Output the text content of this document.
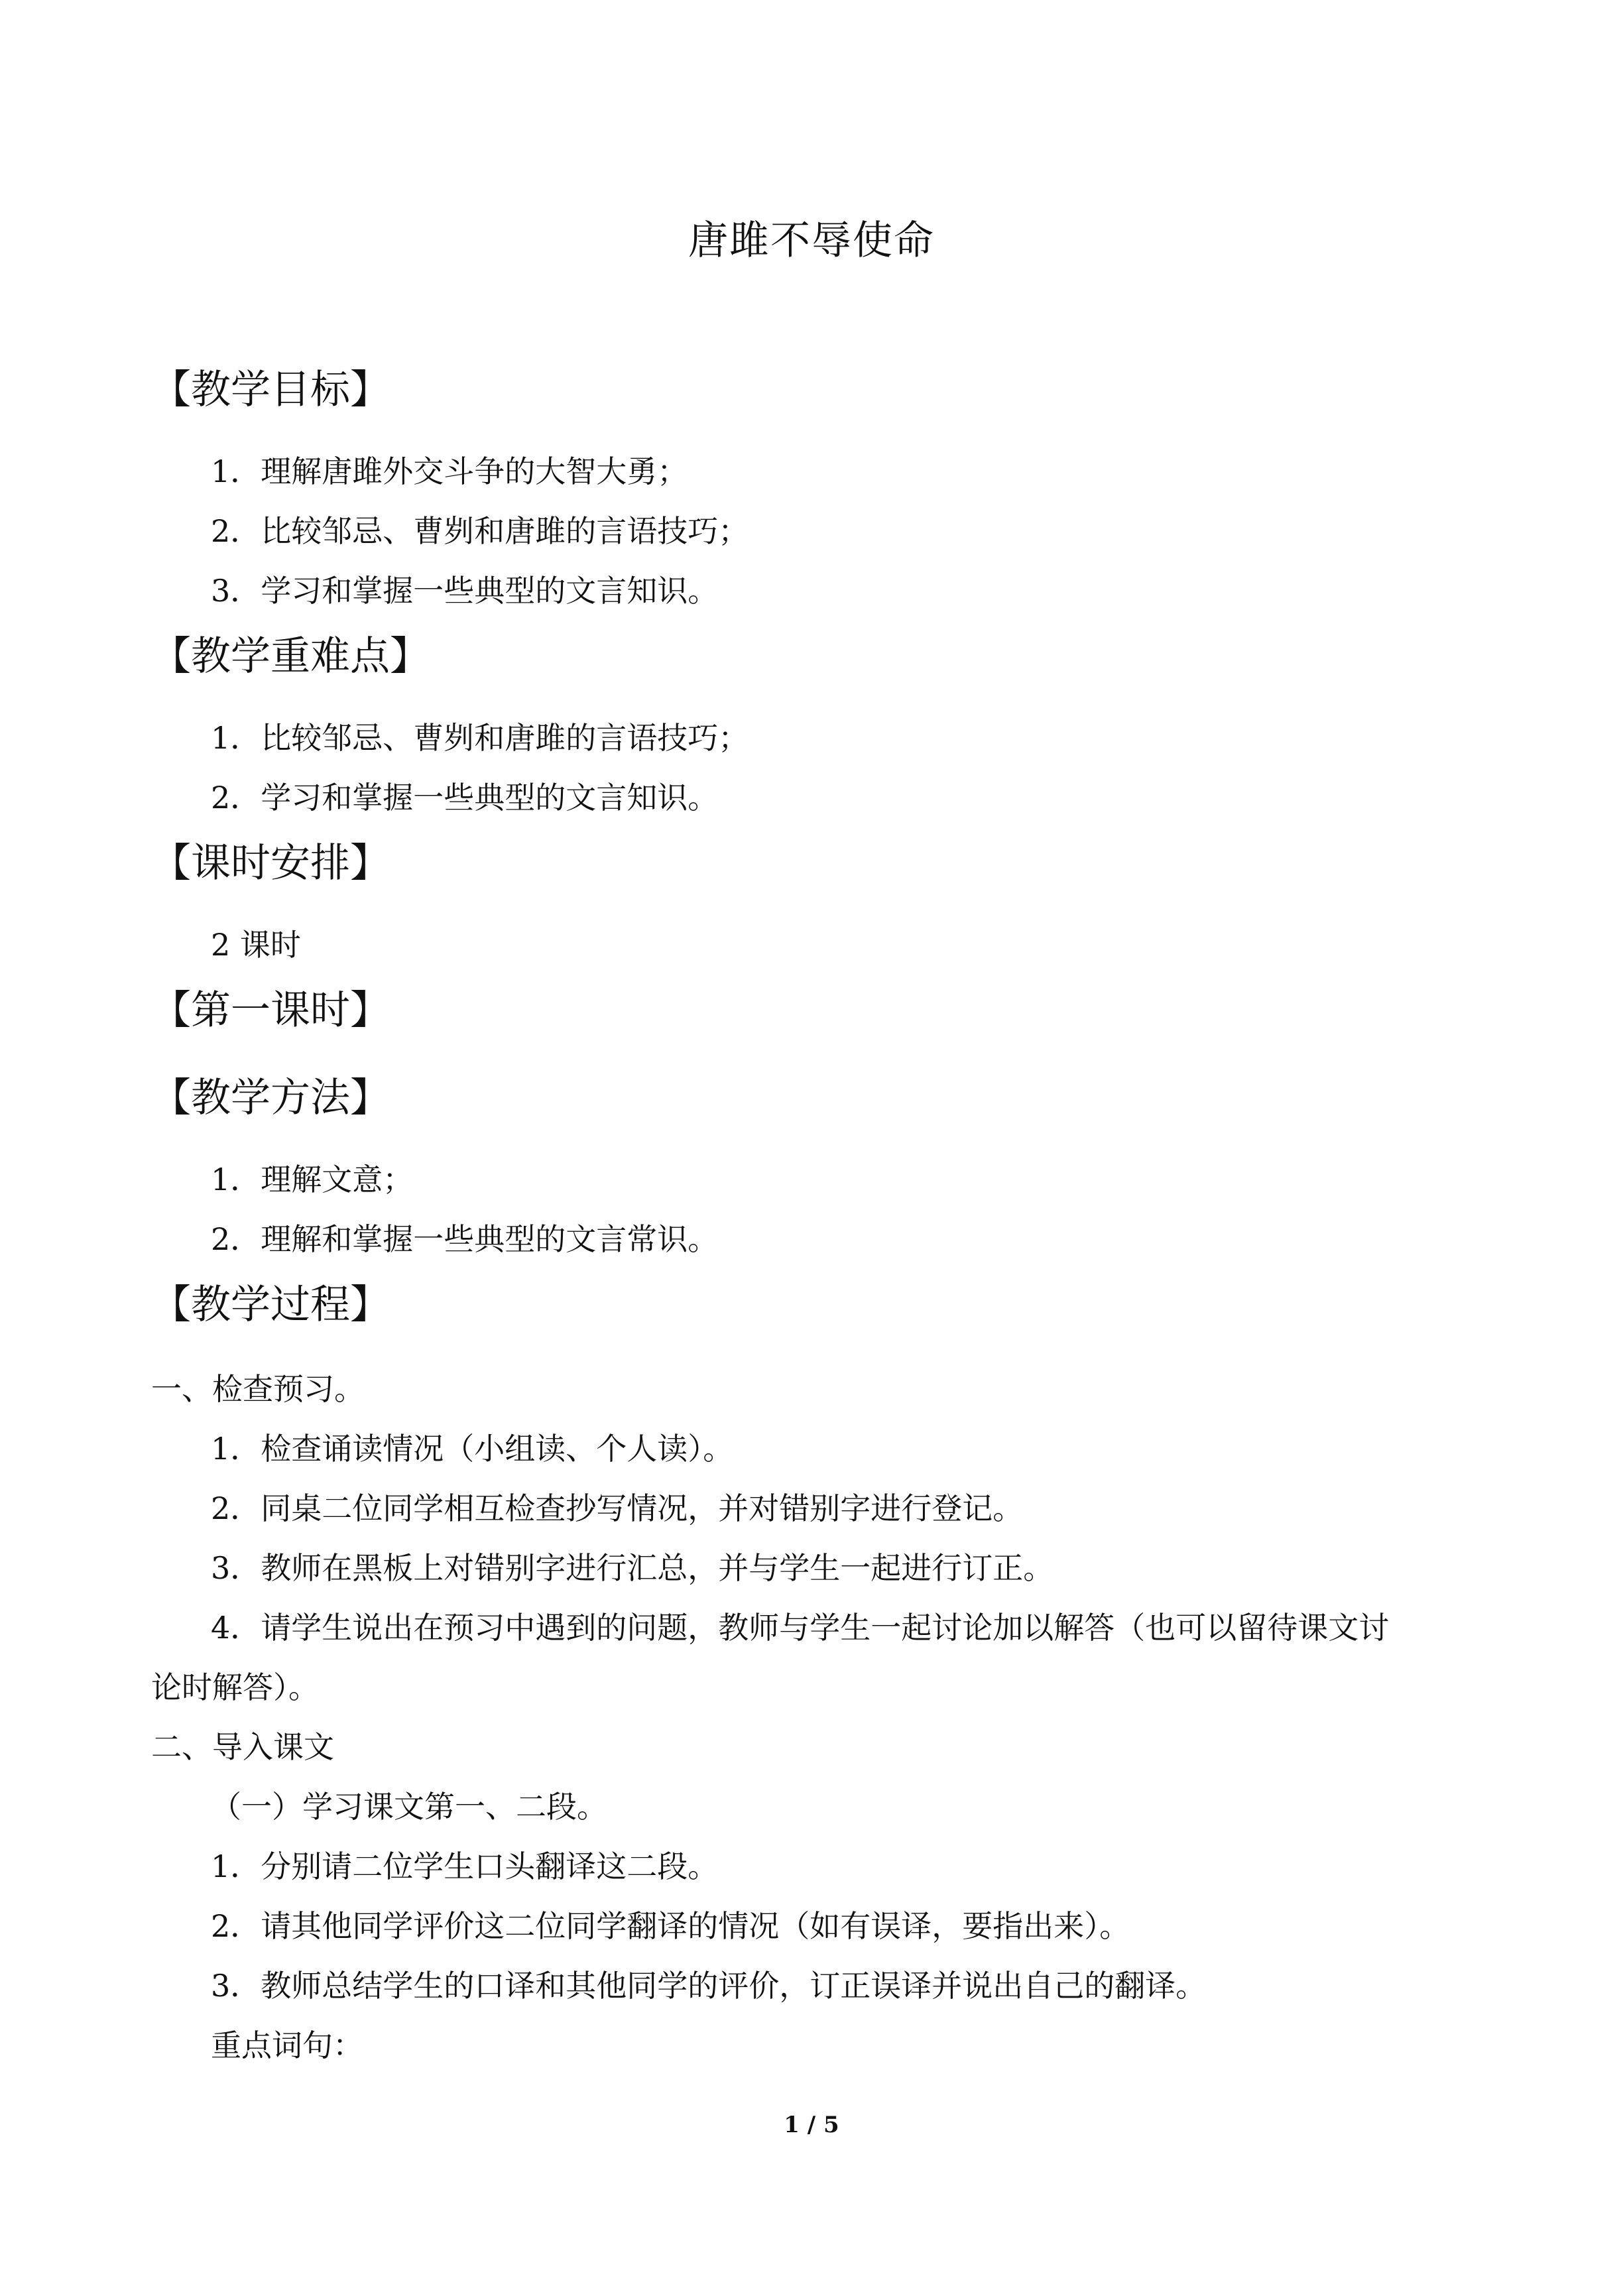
唐雎不辱使命
【教学目标】
1．理解唐雎外交斗争的大智大勇；
2．比较邹忌、曹刿和唐雎的言语技巧；
3．学习和掌握一些典型的文言知识。
【教学重难点】
1．比较邹忌、曹刿和唐雎的言语技巧；
2．学习和掌握一些典型的文言知识。
【课时安排】
2 课时
【第一课时】
【教学方法】
1．理解文意；
2．理解和掌握一些典型的文言常识。
【教学过程】
一、检查预习。
1．检查诵读情况（小组读、个人读）。
2．同桌二位同学相互检查抄写情况，并对错别字进行登记。
3．教师在黑板上对错别字进行汇总，并与学生一起进行订正。
4．请学生说出在预习中遇到的问题，教师与学生一起讨论加以解答（也可以留待课文讨
论时解答）。
二、导入课文
（一）学习课文第一、二段。
1．分别请二位学生口头翻译这二段。
2．请其他同学评价这二位同学翻译的情况（如有误译，要指出来）。
3．教师总结学生的口译和其他同学的评价，订正误译并说出自己的翻译。
重点词句：
1 / 5
